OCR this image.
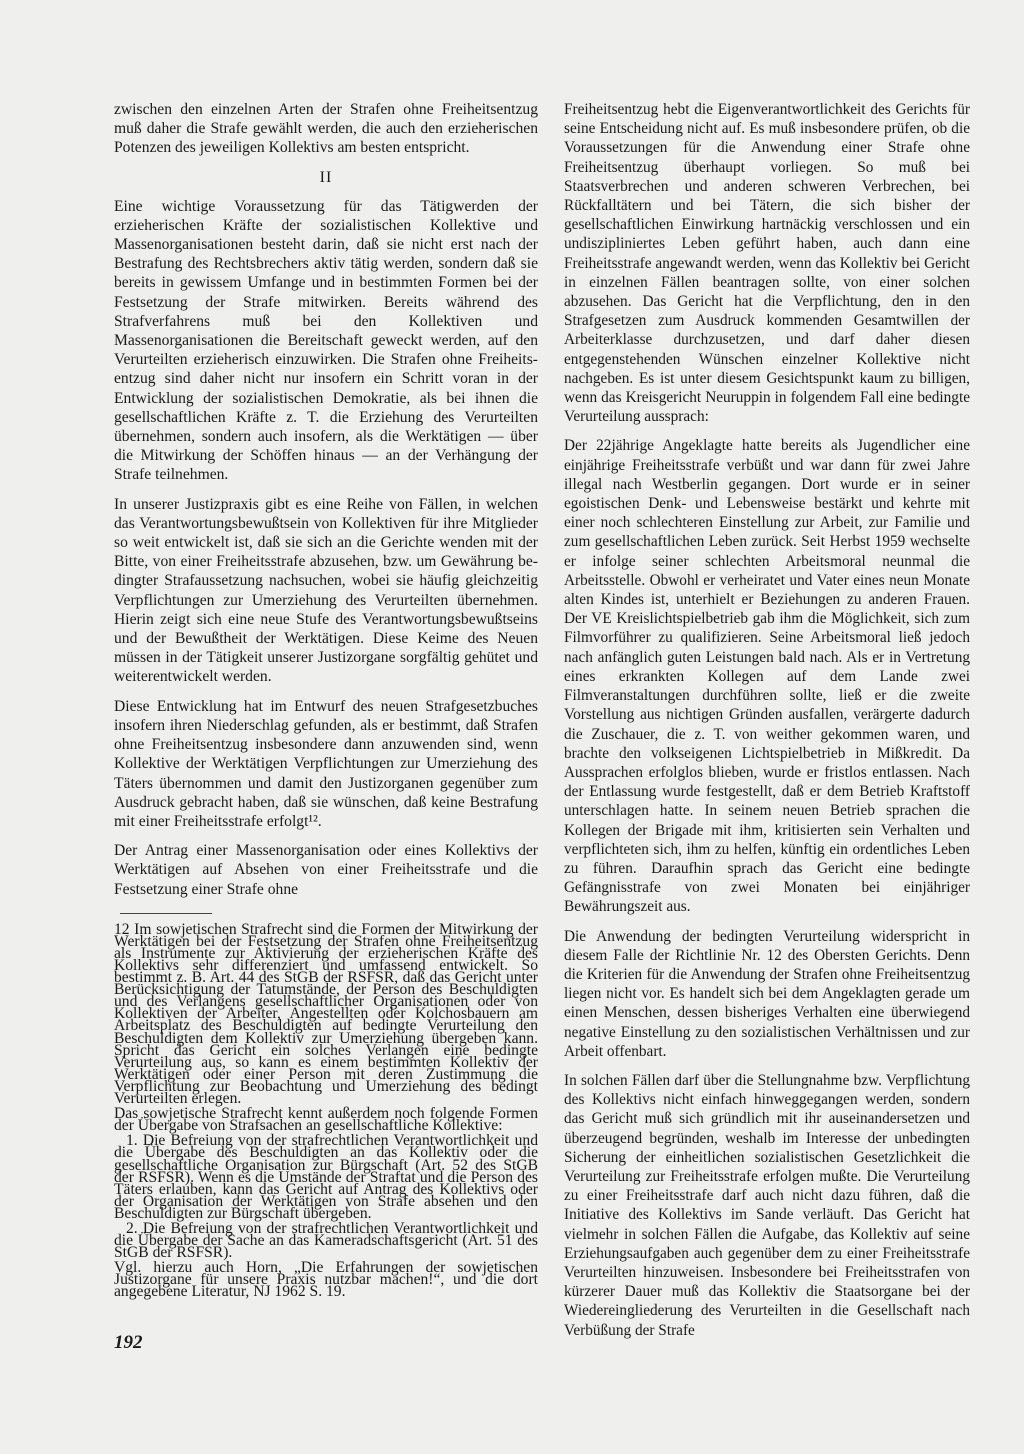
zwischen den einzelnen Arten der Strafen ohne Freiheitsentzug muß daher die Strafe gewählt werden, die auch den erzieherischen Potenzen des jeweiligen Kollektivs am besten entspricht.

II

Eine wichtige Voraussetzung für das Tätigwerden der erzieherischen Kräfte der sozialistischen Kollektive und Massenorganisationen besteht darin, daß sie nicht erst nach der Bestrafung des Rechtsbrechers aktiv tätig werden, sondern daß sie bereits in gewissem Umfange und in bestimmten Formen bei der Festsetzung der Strafe mitwirken. Bereits während des Strafverfahrens muß bei den Kollektiven und Massenorganisationen die Bereitschaft geweckt werden, auf den Verurteilten erzieherisch einzuwirken. Die Strafen ohne Freiheitsentzug sind daher nicht nur insofern ein Schritt voran in der Entwicklung der sozialistischen Demokratie, als bei ihnen die gesellschaftlichen Kräfte z. T. die Erziehung des Verurteilten übernehmen, sondern auch insofern, als die Werktätigen — über die Mitwirkung der Schöffen hinaus — an der Verhängung der Strafe teilnehmen.

In unserer Justizpraxis gibt es eine Reihe von Fällen, in welchen das Verantwortungsbewußtsein von Kollektiven für ihre Mitglieder so weit entwickelt ist, daß sie sich an die Gerichte wenden mit der Bitte, von einer Freiheitsstrafe abzusehen, bzw. um Gewährung bedingter Strafaussetzung nachsuchen, wobei sie häufig gleichzeitig Verpflichtungen zur Umerziehung des Verurteilten übernehmen. Hierin zeigt sich eine neue Stufe des Verantwortungsbewußtseins und der Bewußtheit der Werktätigen. Diese Keime des Neuen müssen in der Tätigkeit unserer Justizorgane sorgfältig gehütet und weiterentwickelt werden.

Diese Entwicklung hat im Entwurf des neuen Strafgesetzbuches insofern ihren Niederschlag gefunden, als er bestimmt, daß Strafen ohne Freiheitsentzug insbesondere dann anzuwenden sind, wenn Kollektive der Werktätigen Verpflichtungen zur Umerziehung des Täters übernommen und damit den Justizorganen gegenüber zum Ausdruck gebracht haben, daß sie wünschen, daß keine Bestrafung mit einer Freiheitsstrafe erfolgt¹².

Der Antrag einer Massenorganisation oder eines Kollektivs der Werktätigen auf Absehen von einer Freiheitsstrafe und die Festsetzung einer Strafe ohne

12 Im sowjetischen Strafrecht sind die Formen der Mitwirkung der Werktätigen bei der Festsetzung der Strafen ohne Freiheitsentzug als Instrumente zur Aktivierung der erzieherischen Kräfte des Kollektivs sehr differenziert und umfassend entwickelt. So bestimmt z. B. Art. 44 des StGB der RSFSR, daß das Gericht unter Berücksichtigung der Tatumstände, der Person des Beschuldigten und des Verlangens gesellschaftlicher Organisationen oder von Kollektiven der Arbeiter, Angestellten oder Kolchosbauern am Arbeitsplatz des Beschuldigten auf bedingte Verurteilung den Beschuldigten dem Kollektiv zur Umerziehung übergeben kann. Spricht das Gericht ein solches Verlangen eine bedingte Verurteilung aus, so kann es einem bestimmten Kollektiv der Werktätigen oder einer Person mit deren Zustimmung die Verpflichtung zur Beobachtung und Umerziehung des bedingt Verurteilten erlegen.

Das sowjetische Strafrecht kennt außerdem noch folgende Formen der Übergabe von Strafsachen an gesellschaftliche Kollektive:

1. Die Befreiung von der strafrechtlichen Verantwortlichkeit und die Übergabe des Beschuldigten an das Kollektiv oder die gesellschaftliche Organisation zur Bürgschaft (Art. 52 des StGB der RSFSR). Wenn es die Umstände der Straftat und die Person des Täters erlauben, kann das Gericht auf Antrag des Kollektivs oder der Organisation der Werktätigen von Strafe absehen und den Beschuldigten zur Bürgschaft übergeben.

2. Die Befreiung von der strafrechtlichen Verantwortlichkeit und die Übergabe der Sache an das Kameradschaftsgericht (Art. 51 des StGB der RSFSR).

Vgl. hierzu auch Horn, „Die Erfahrungen der sowjetischen Justizorgane für unsere Praxis nutzbar machen!“, und die dort angegebene Literatur, NJ 1962 S. 19.

Freiheitsentzug hebt die Eigenverantwortlichkeit des Gerichts für seine Entscheidung nicht auf. Es muß insbesondere prüfen, ob die Voraussetzungen für die Anwendung einer Strafe ohne Freiheitsentzug überhaupt vorliegen. So muß bei Staatsverbrechen und anderen schweren Verbrechen, bei Rückfalltätern und bei Tätern, die sich bisher der gesellschaftlichen Einwirkung hartnäckig verschlossen und ein undiszipliniertes Leben geführt haben, auch dann eine Freiheitsstrafe angewandt werden, wenn das Kollektiv bei Gericht in einzelnen Fällen beantragen sollte, von einer solchen abzusehen. Das Gericht hat die Verpflichtung, den in den Strafgesetzen zum Ausdruck kommenden Gesamtwillen der Arbeiterklasse durchzusetzen, und darf daher diesen entgegenstehenden Wünschen einzelner Kollektive nicht nachgeben. Es ist unter diesem Gesichtspunkt kaum zu billigen, wenn das Kreisgericht Neuruppin in folgendem Fall eine bedingte Verurteilung aussprach:

Der 22jährige Angeklagte hatte bereits als Jugendlicher eine einjährige Freiheitsstrafe verbüßt und war dann für zwei Jahre illegal nach Westberlin gegangen. Dort wurde er in seiner egoistischen Denk- und Lebensweise bestärkt und kehrte mit einer noch schlechteren Einstellung zur Arbeit, zur Familie und zum gesellschaftlichen Leben zurück. Seit Herbst 1959 wechselte er infolge seiner schlechten Arbeitsmoral neunmal die Arbeitsstelle. Obwohl er verheiratet und Vater eines neun Monate alten Kindes ist, unterhielt er Beziehungen zu anderen Frauen. Der VE Kreislichtspielbetrieb gab ihm die Möglichkeit, sich zum Filmvorführer zu qualifizieren. Seine Arbeitsmoral ließ jedoch nach anfänglich guten Leistungen bald nach. Als er in Vertretung eines erkrankten Kollegen auf dem Lande zwei Filmveranstaltungen durchführen sollte, ließ er die zweite Vorstellung aus nichtigen Gründen ausfallen, verärgerte dadurch die Zuschauer, die z. T. von weither gekommen waren, und brachte den volkseigenen Lichtspielbetrieb in Mißkredit. Da Aussprachen erfolglos blieben, wurde er fristlos entlassen. Nach der Entlassung wurde festgestellt, daß er dem Betrieb Kraftstoff unterschlagen hatte. In seinem neuen Betrieb sprachen die Kollegen der Brigade mit ihm, kritisierten sein Verhalten und verpflichteten sich, ihm zu helfen, künftig ein ordentliches Leben zu führen. Daraufhin sprach das Gericht eine bedingte Gefängnisstrafe von zwei Monaten bei einjähriger Bewährungszeit aus.

Die Anwendung der bedingten Verurteilung widerspricht in diesem Falle der Richtlinie Nr. 12 des Obersten Gerichts. Denn die Kriterien für die Anwendung der Strafen ohne Freiheitsentzug liegen nicht vor. Es handelt sich bei dem Angeklagten gerade um einen Menschen, dessen bisheriges Verhalten eine überwiegend negative Einstellung zu den sozialistischen Verhältnissen und zur Arbeit offenbart.

In solchen Fällen darf über die Stellungnahme bzw. Verpflichtung des Kollektivs nicht einfach hinweggegangen werden, sondern das Gericht muß sich gründlich mit ihr auseinandersetzen und überzeugend begründen, weshalb im Interesse der unbedingten Sicherung der einheitlichen sozialistischen Gesetzlichkeit die Verurteilung zur Freiheitsstrafe erfolgen mußte. Die Verurteilung zu einer Freiheitsstrafe darf auch nicht dazu führen, daß die Initiative des Kollektivs im Sande verläuft. Das Gericht hat vielmehr in solchen Fällen die Aufgabe, das Kollektiv auf seine Erziehungsaufgaben auch gegenüber dem zu einer Freiheitsstrafe Verurteilten hinzuweisen. Insbesondere bei Freiheitsstrafen von kürzerer Dauer muß das Kollektiv die Staatsorgane bei der Wiedereingliederung des Verurteilten in die Gesellschaft nach Verbüßung der Strafe

192
